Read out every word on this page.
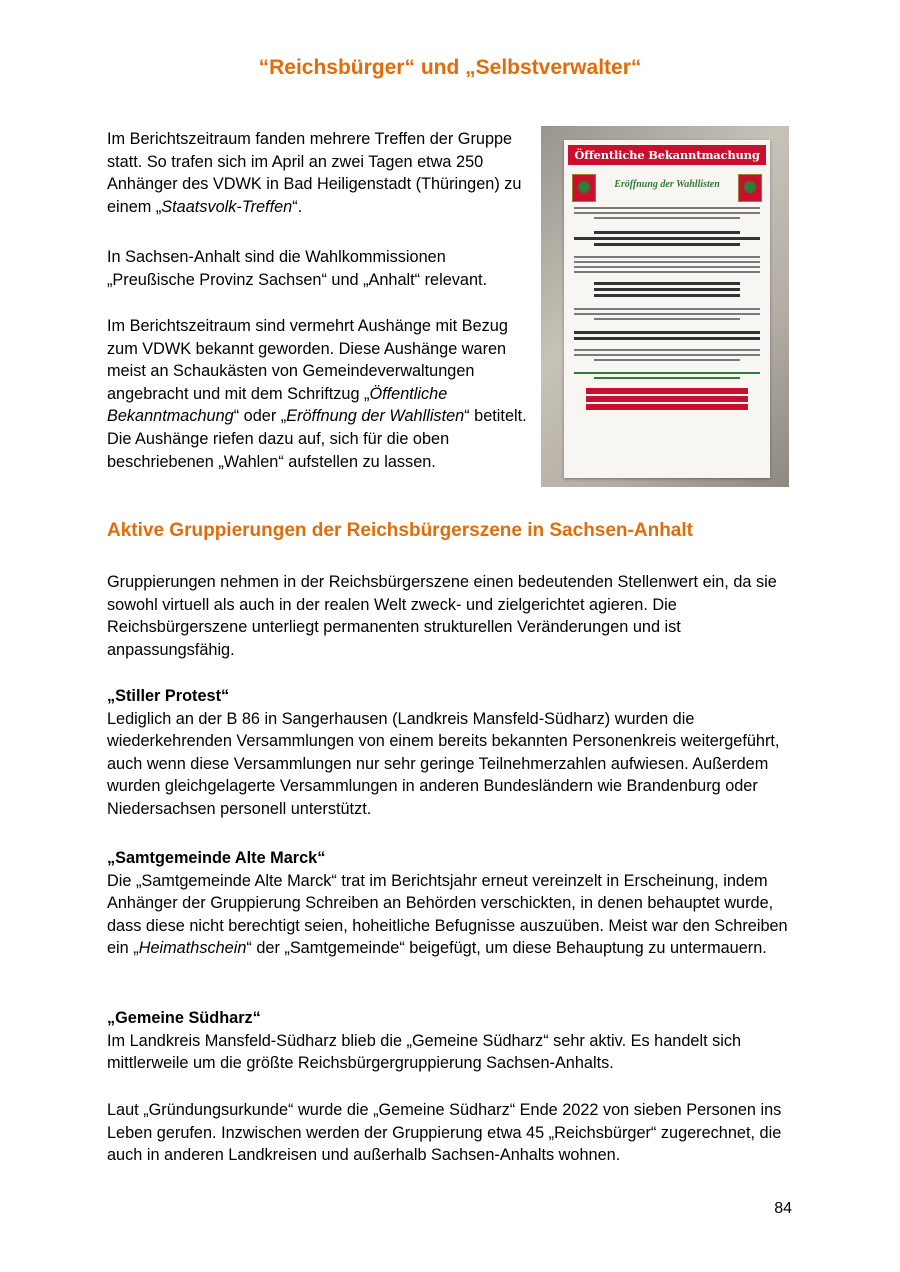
“Reichsbürger“ und „Selbstverwalter“

Im Berichtszeitraum fanden mehrere Treffen der Gruppe statt. So trafen sich im April an zwei Tagen etwa 250 Anhänger des VDWK in Bad Heiligenstadt (Thüringen) zu einem „Staatsvolk-Treffen“.

In Sachsen-Anhalt sind die Wahlkommissionen „Preußische Provinz Sachsen“ und „Anhalt“ relevant.

Im Berichtszeitraum sind vermehrt Aushänge mit Bezug zum VDWK bekannt geworden. Diese Aushänge waren meist an Schaukästen von Gemeindeverwaltungen angebracht und mit dem Schriftzug „Öffentliche Bekanntmachung“ oder „Eröffnung der Wahllisten“ betitelt. Die Aushänge riefen dazu auf, sich für die oben beschriebenen „Wahlen“ aufstellen zu lassen.

Öffentliche Bekanntmachung
Eröffnung der Wahllisten
Aktive Gruppierungen der Reichsbürgerszene in Sachsen-Anhalt

Gruppierungen nehmen in der Reichsbürgerszene einen bedeutenden Stellenwert ein, da sie sowohl virtuell als auch in der realen Welt zweck- und zielgerichtet agieren. Die Reichsbürgerszene unterliegt permanenten strukturellen Veränderungen und ist anpassungsfähig.

„Stiller Protest“
Lediglich an der B 86 in Sangerhausen (Landkreis Mansfeld-Südharz) wurden die wiederkehrenden Versammlungen von einem bereits bekannten Personenkreis weitergeführt, auch wenn diese Versammlungen nur sehr geringe Teilnehmerzahlen aufwiesen. Außerdem wurden gleichgelagerte Versammlungen in anderen Bundesländern wie Brandenburg oder Niedersachsen personell unterstützt.

„Samtgemeinde Alte Marck“
Die „Samtgemeinde Alte Marck“ trat im Berichtsjahr erneut vereinzelt in Erscheinung, indem Anhänger der Gruppierung Schreiben an Behörden verschickten, in denen behauptet wurde, dass diese nicht berechtigt seien, hoheitliche Befugnisse auszuüben. Meist war den Schreiben ein „Heimathschein“ der „Samtgemeinde“ beigefügt, um diese Behauptung zu untermauern.

„Gemeine Südharz“
Im Landkreis Mansfeld-Südharz blieb die „Gemeine Südharz“ sehr aktiv. Es handelt sich mittlerweile um die größte Reichsbürgergruppierung Sachsen-Anhalts.

Laut „Gründungsurkunde“ wurde die „Gemeine Südharz“ Ende 2022 von sieben Personen ins Leben gerufen. Inzwischen werden der Gruppierung etwa 45 „Reichsbürger“ zugerechnet, die auch in anderen Landkreisen und außerhalb Sachsen-Anhalts wohnen.

84
